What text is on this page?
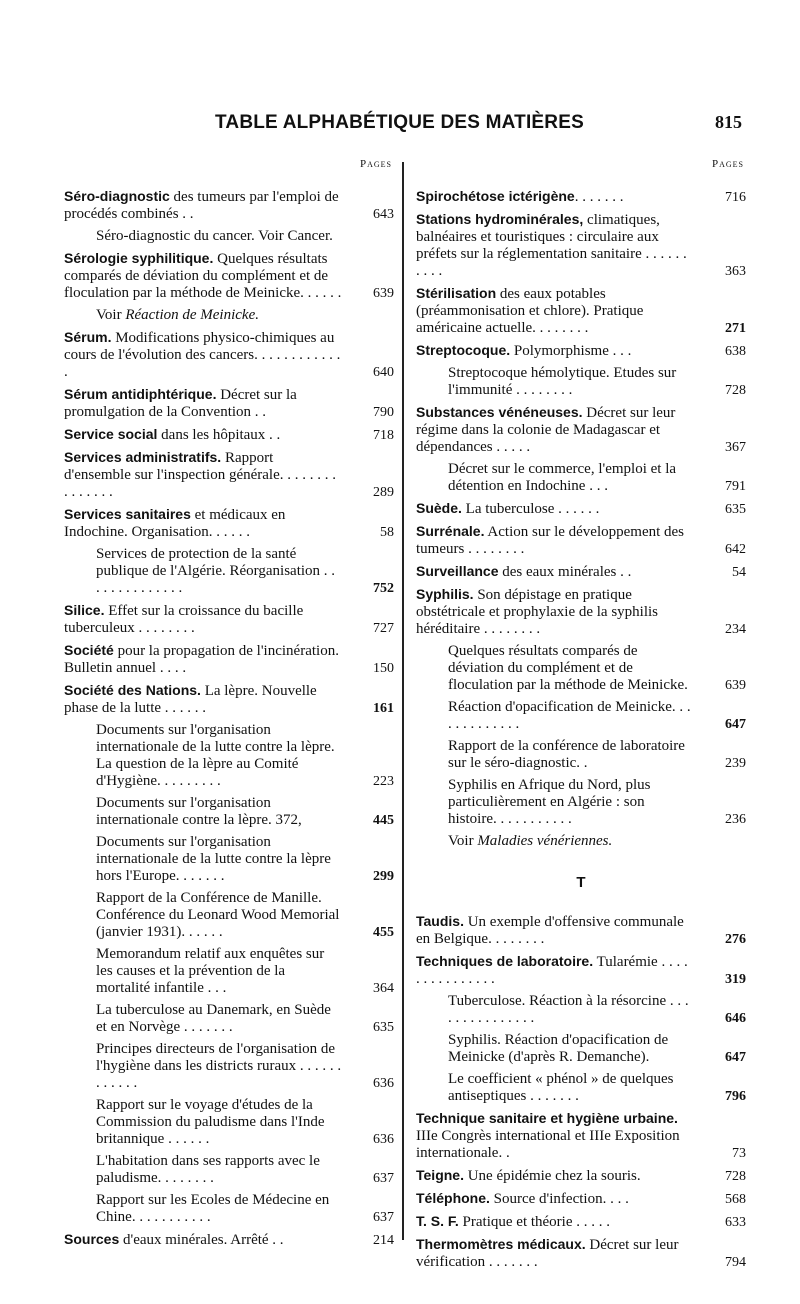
TABLE ALPHABÉTIQUE DES MATIÈRES	815
Pages
Séro-diagnostic des tumeurs par l'emploi de procédés combinés . .	643
Séro-diagnostic du cancer. Voir Cancer.
Sérologie syphilitique. Quelques résultats comparés de déviation du complément et de floculation par la méthode de Meinicke. . . . . .	639
Voir Réaction de Meinicke.
Sérum. Modifications physico-chimiques au cours de l'évolution des cancers. . . . . . . . . . . . .	640
Sérum antidiphtérique. Décret sur la promulgation de la Convention . .	790
Service social dans les hôpitaux . .	718
Services administratifs. Rapport d'ensemble sur l'inspection générale. . . . . . . . . . . . . . .	289
Services sanitaires et médicaux en Indochine. Organisation. . . . . .	58
Services de protection de la santé publique de l'Algérie. Réorganisation . . . . . . . . . . . . . .	752
Silice. Effet sur la croissance du bacille tuberculeux . . . . . . . .	727
Société pour la propagation de l'incinération. Bulletin annuel . . . .	150
Société des Nations. La lèpre. Nouvelle phase de la lutte . . . . . .	161
Documents sur l'organisation internationale de la lutte contre la lèpre. La question de la lèpre au Comité d'Hygiène. . . . . . . . .	223
Documents sur l'organisation internationale contre la lèpre. 372,	445
Documents sur l'organisation internationale de la lutte contre la lèpre hors l'Europe. . . . . . .	299
Rapport de la Conférence de Manille. Conférence du Leonard Wood Memorial (janvier 1931). . . . . .	455
Memorandum relatif aux enquêtes sur les causes et la prévention de la mortalité infantile . . .	364
La tuberculose au Danemark, en Suède et en Norvège . . . . . . .	635
Principes directeurs de l'organisation de l'hygiène dans les districts ruraux . . . . . . . . . . . .	636
Rapport sur le voyage d'études de la Commission du paludisme dans l'Inde britannique . . . . . .	636
L'habitation dans ses rapports avec le paludisme. . . . . . . .	637
Rapport sur les Ecoles de Médecine en Chine. . . . . . . . . . .	637
Sources d'eaux minérales. Arrêté . .	214
Pages
Spirochétose ictérigène. . . . . . .	716
Stations hydrominérales, climatiques, balnéaires et touristiques : circulaire aux préfets sur la réglementation sanitaire . . . . . . . . . .	363
Stérilisation des eaux potables (préammonisation et chlore). Pratique américaine actuelle. . . . . . . .	271
Streptocoque. Polymorphisme . . .	638
Streptocoque hémolytique. Etudes sur l'immunité . . . . . . . .	728
Substances vénéneuses. Décret sur leur régime dans la colonie de Madagascar et dépendances . . . . .	367
Décret sur le commerce, l'emploi et la détention en Indochine . . .	791
Suède. La tuberculose . . . . . .	635
Surrénale. Action sur le développement des tumeurs . . . . . . . .	642
Surveillance des eaux minérales . .	54
Syphilis. Son dépistage en pratique obstétricale et prophylaxie de la syphilis héréditaire . . . . . . . .	234
Quelques résultats comparés de déviation du complément et de floculation par la méthode de Meinicke.	639
Réaction d'opacification de Meinicke. . . . . . . . . . . . .	647
Rapport de la conférence de laboratoire sur le séro-diagnostic. .	239
Syphilis en Afrique du Nord, plus particulièrement en Algérie : son histoire. . . . . . . . . . .	236
Voir Maladies vénériennes.
T
Taudis. Un exemple d'offensive communale en Belgique. . . . . . . .	276
Techniques de laboratoire. Tularémie . . . . . . . . . . . . . . .	319
Tuberculose. Réaction à la résorcine . . . . . . . . . . . . . . .	646
Syphilis. Réaction d'opacification de Meinicke (d'après R. Demanche).	647
Le coefficient « phénol » de quelques antiseptiques . . . . . . .	796
Technique sanitaire et hygiène urbaine. IIIe Congrès international et IIIe Exposition internationale. .	73
Teigne. Une épidémie chez la souris.	728
Téléphone. Source d'infection. . . .	568
T. S. F. Pratique et théorie . . . . .	633
Thermomètres médicaux. Décret sur leur vérification . . . . . . .	794
